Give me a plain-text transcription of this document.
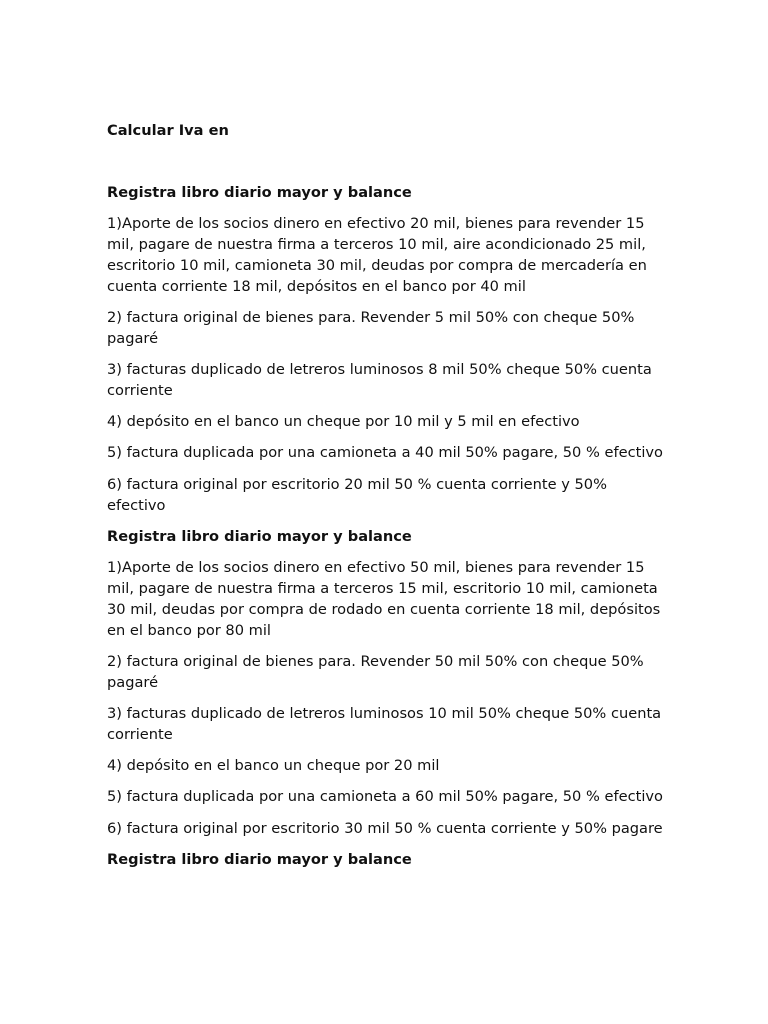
Calcular Iva en

Registra libro diario mayor y balance

1)Aporte de los socios dinero en efectivo 20 mil, bienes para revender 15 mil, pagare de nuestra firma a terceros 10 mil, aire acondicionado 25 mil, escritorio 10 mil, camioneta 30 mil, deudas por compra de mercadería en cuenta corriente 18 mil, depósitos en el banco por 40 mil

2) factura original de bienes para. Revender 5 mil 50% con cheque 50% pagaré

3) facturas duplicado de letreros luminosos 8 mil 50% cheque 50% cuenta corriente

4) depósito en el banco un cheque por 10 mil y 5 mil en efectivo

5) factura duplicada por una camioneta a 40 mil 50% pagare, 50 % efectivo

6) factura original por escritorio 20 mil 50 % cuenta corriente y 50% efectivo

Registra libro diario mayor y balance

1)Aporte de los socios dinero en efectivo 50 mil, bienes para revender 15 mil, pagare de nuestra firma a terceros 15 mil, escritorio 10 mil, camioneta 30 mil, deudas por compra de rodado en cuenta corriente 18 mil, depósitos en el banco por 80 mil

2) factura original de bienes para. Revender 50 mil 50% con cheque 50% pagaré

3) facturas duplicado de letreros luminosos 10 mil 50% cheque 50% cuenta corriente

4) depósito en el banco un cheque por 20 mil

5) factura duplicada por una camioneta a 60 mil 50% pagare, 50 % efectivo

6) factura original por escritorio 30 mil 50 % cuenta corriente y 50% pagare

Registra libro diario mayor y balance
